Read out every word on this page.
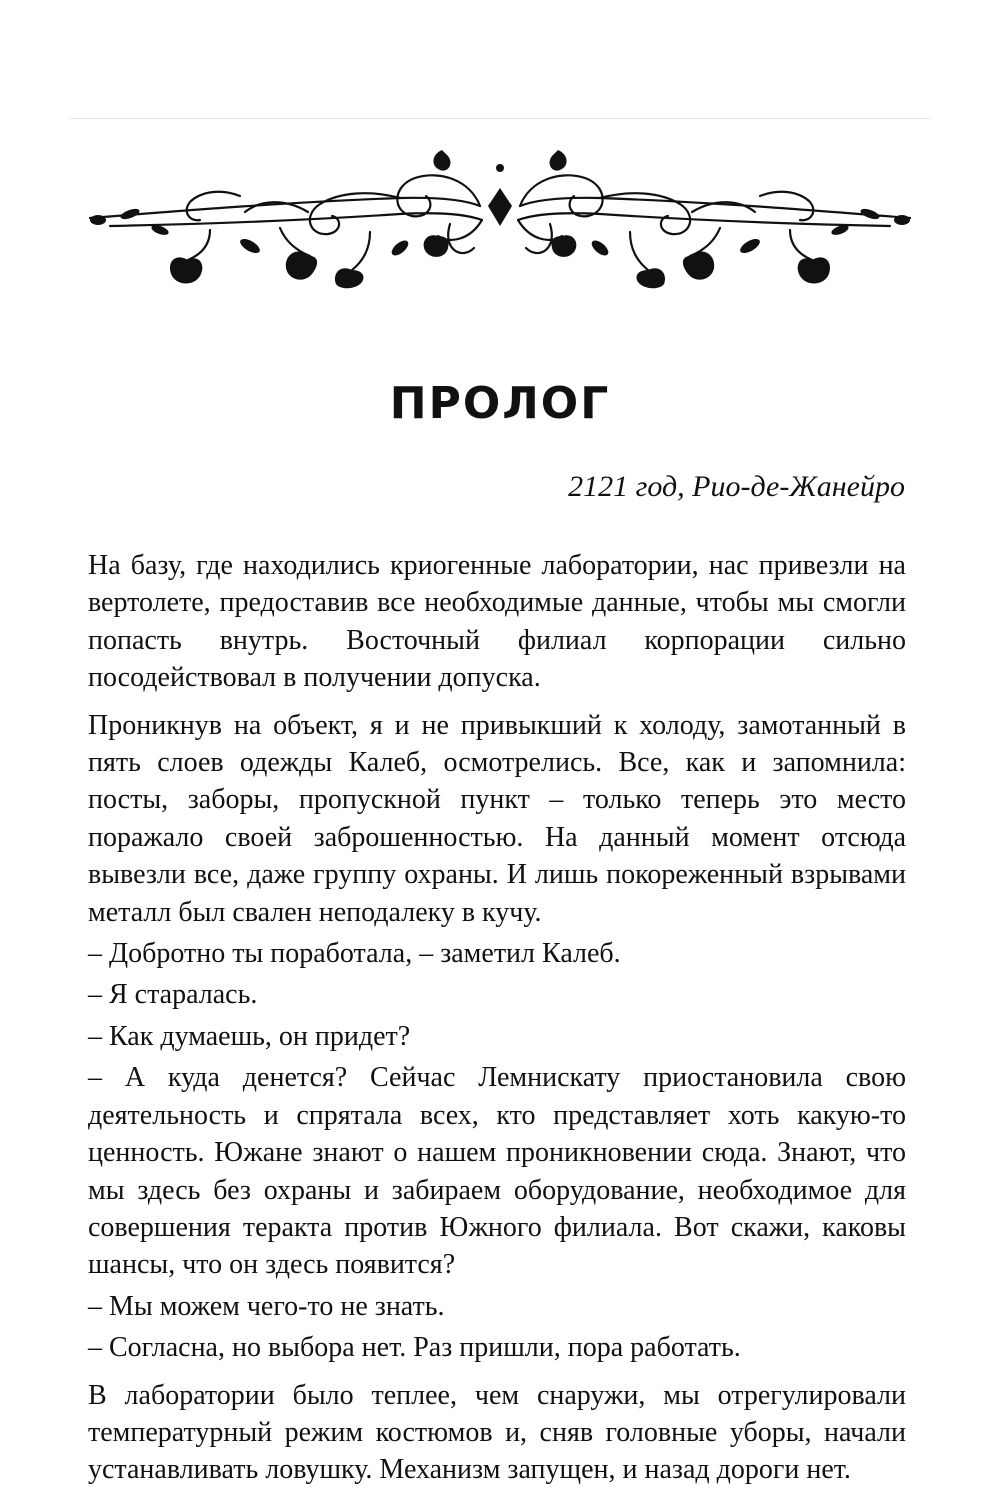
ПРОЛОГ

2121 год, Рио-де-Жанейро

На базу, где находились криогенные лаборатории, нас привезли на вертолете, предоставив все необходимые данные, чтобы мы смогли попасть внутрь. Восточный филиал корпорации сильно посодействовал в получении допуска.

Проникнув на объект, я и не привыкший к холоду, замотанный в пять слоев одежды Калеб, осмотрелись. Все, как и запомнила: посты, заборы, пропускной пункт – только теперь это место поражало своей заброшенностью. На данный момент отсюда вывезли все, даже группу охраны. И лишь покореженный взрывами металл был свален неподалеку в кучу.

– Добротно ты поработала, – заметил Калеб.

– Я старалась.

– Как думаешь, он придет?

– А куда денется? Сейчас Лемнискату приостановила свою деятельность и спрятала всех, кто представляет хоть какую-то ценность. Южане знают о нашем проникновении сюда. Знают, что мы здесь без охраны и забираем оборудование, необходимое для совершения теракта против Южного филиала. Вот скажи, каковы шансы, что он здесь появится?

– Мы можем чего-то не знать.

– Согласна, но выбора нет. Раз пришли, пора работать.

В лаборатории было теплее, чем снаружи, мы отрегулировали температурный режим костюмов и, сняв головные уборы, начали устанавливать ловушку. Механизм запущен, и назад дороги нет.
